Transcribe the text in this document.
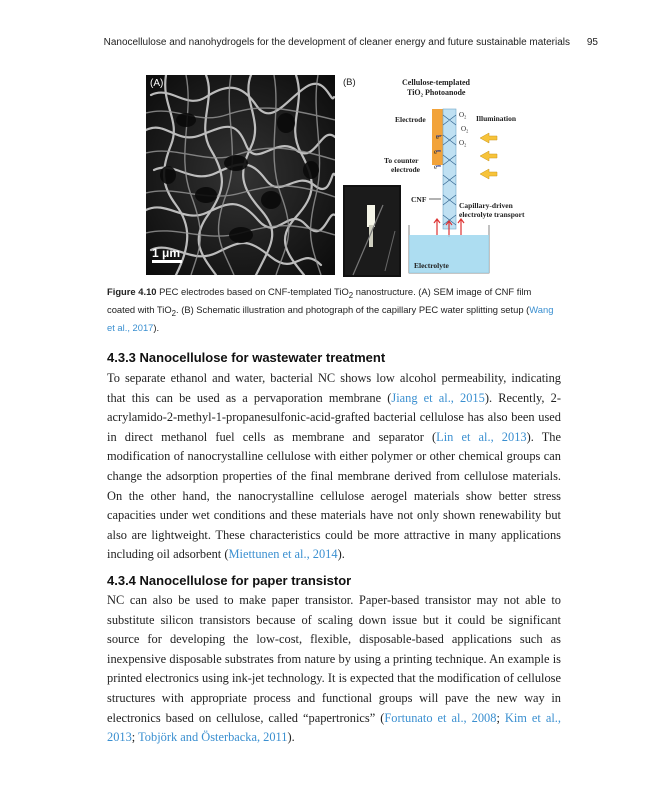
Nanocellulose and nanohydrogels for the development of cleaner energy and future sustainable materials 95
1 μm
(A)	(B)	Cellulose-templated
TiO₂ Photoanode
Electrode	O₂
O₂
O₂
Illumination
e⁻
e⁻
e⁻
To counter
electrode
CNF
Capillary-driven
electrolyte transport
Electrolyte
Figure 4.10 PEC electrodes based on CNF-templated TiO$_2$ nanostructure. (A) SEM image of CNF film coated with TiO$_2$. (B) Schematic illustration and photograph of the capillary PEC water splitting setup (Wang et al., 2017).
4.3.3 Nanocellulose for wastewater treatment
To separate ethanol and water, bacterial NC shows low alcohol permeability, indicating that this can be used as a pervaporation membrane (Jiang et al., 2015). Recently, 2-acrylamido-2-methyl-1-propanesulfonic-acid-grafted bacterial cellulose has also been used in direct methanol fuel cells as membrane and separator (Lin et al., 2013). The modification of nanocrystalline cellulose with either polymer or other chemical groups can change the adsorption properties of the final membrane derived from cellulose materials. On the other hand, the nanocrystalline cellulose aerogel materials show better stress capacities under wet conditions and these materials have not only shown renewability but also are lightweight. These characteristics could be more attractive in many applications including oil adsorbent (Miettunen et al., 2014).
4.3.4 Nanocellulose for paper transistor
NC can also be used to make paper transistor. Paper-based transistor may not able to substitute silicon transistors because of scaling down issue but it could be significant source for developing the low-cost, flexible, disposable-based applications such as inexpensive disposable substrates from nature by using a printing technique. An example is printed electronics using ink-jet technology. It is expected that the modification of cellulose structures with appropriate process and functional groups will pave the new way in electronics based on cellulose, called “papertronics” (Fortunato et al., 2008; Kim et al., 2013; Tobjörk and Österbacka, 2011).
